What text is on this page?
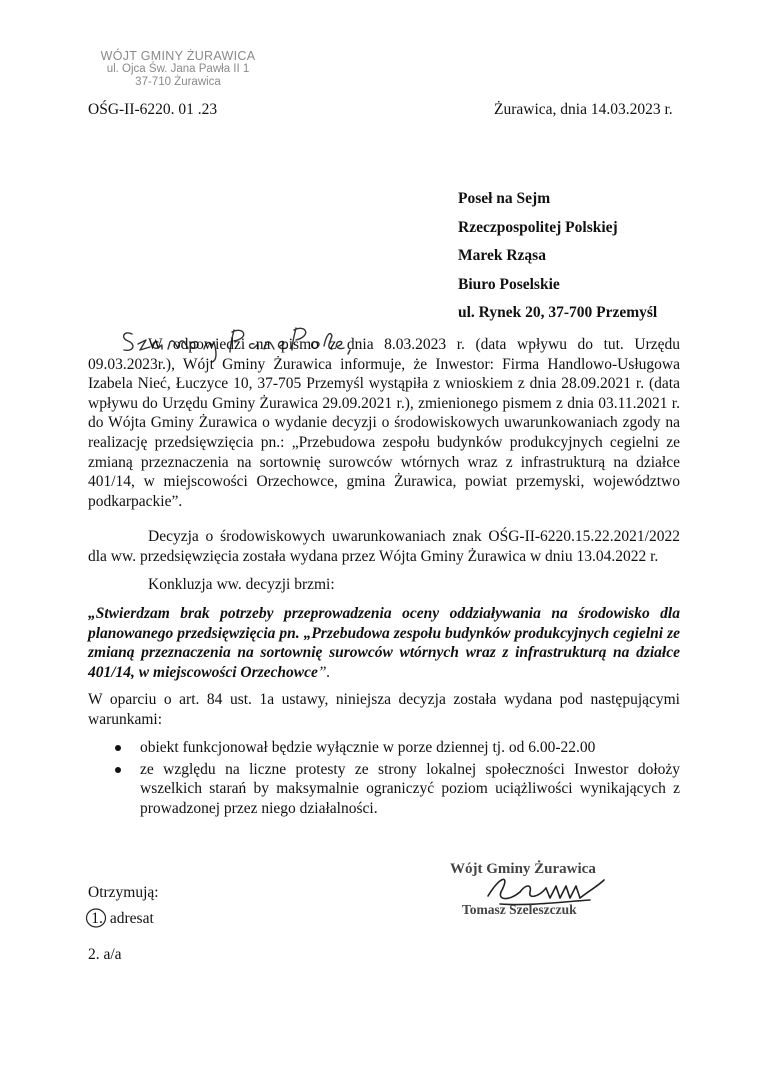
WÓJT GMINY ŻURAWICA
ul. Ojca Św. Jana Pawła II 1
37-710 Żurawica
OŚG-II-6220. 01 .23	Żurawica, dnia 14.03.2023 r.
Poseł na Sejm
Rzeczpospolitej Polskiej
Marek Rząsa
Biuro Poselskie
ul. Rynek 20, 37-700 Przemyśl

W odpowiedzi na pismo z dnia 8.03.2023 r. (data wpływu do tut. Urzędu 09.03.2023r.), Wójt Gminy Żurawica informuje, że Inwestor: Firma Handlowo-Usługowa Izabela Nieć, Łuczyce 10, 37-705 Przemyśl wystąpiła z wnioskiem z dnia 28.09.2021 r. (data wpływu do Urzędu Gminy Żurawica 29.09.2021 r.), zmienionego pismem z dnia 03.11.2021 r. do Wójta Gminy Żurawica o wydanie decyzji o środowiskowych uwarunkowaniach zgody na realizację przedsięwzięcia pn.: „Przebudowa zespołu budynków produkcyjnych cegielni ze zmianą przeznaczenia na sortownię surowców wtórnych wraz z infrastrukturą na działce 401/14, w miejscowości Orzechowce, gmina Żurawica, powiat przemyski, województwo podkarpackie”.

Decyzja o środowiskowych uwarunkowaniach znak OŚG-II-6220.15.22.2021/2022 dla ww. przedsięwzięcia została wydana przez Wójta Gminy Żurawica w dniu 13.04.2022 r.

Konkluzja ww. decyzji brzmi:

„Stwierdzam brak potrzeby przeprowadzenia oceny oddziaływania na środowisko dla planowanego przedsięwzięcia pn. „Przebudowa zespołu budynków produkcyjnych cegielni ze zmianą przeznaczenia na sortownię surowców wtórnych wraz z infrastrukturą na działce 401/14, w miejscowości Orzechowce”.

W oparciu o art. 84 ust. 1a ustawy, niniejsza decyzja została wydana pod następującymi warunkami:

obiekt funkcjonował będzie wyłącznie w porze dziennej tj. od 6.00-22.00
ze względu na liczne protesty ze strony lokalnej społeczności Inwestor dołoży wszelkich starań by maksymalnie ograniczyć poziom uciążliwości wynikających z prowadzonej przez niego działalności.
Wójt Gminy Żurawica
Tomasz Szeleszczuk
Otrzymują:
1. adresat
2. a/a
